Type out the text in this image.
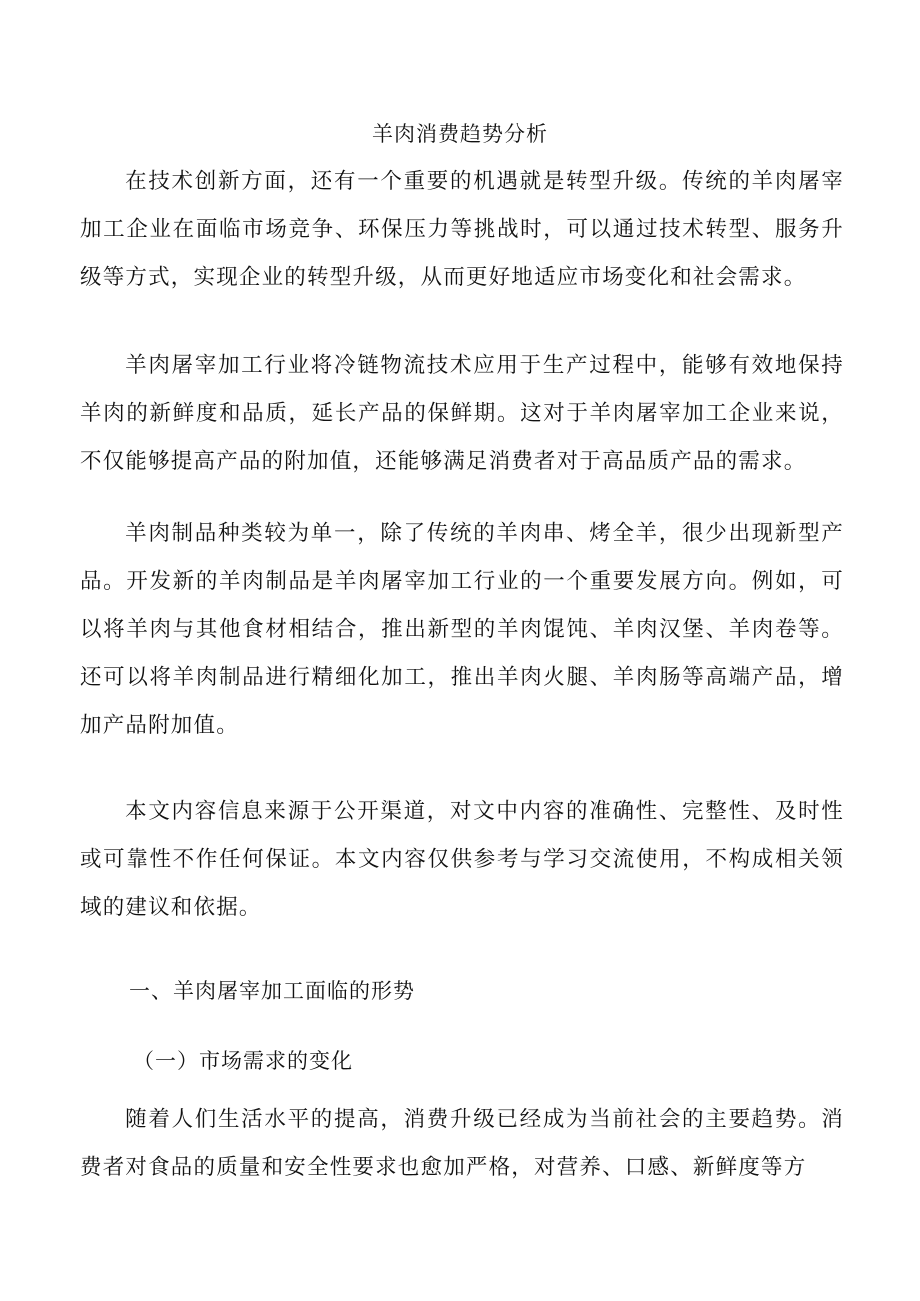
羊肉消费趋势分析

在技术创新方面，还有一个重要的机遇就是转型升级。传统的羊肉屠宰加工企业在面临市场竞争、环保压力等挑战时，可以通过技术转型、服务升级等方式，实现企业的转型升级，从而更好地适应市场变化和社会需求。

羊肉屠宰加工行业将冷链物流技术应用于生产过程中，能够有效地保持羊肉的新鲜度和品质，延长产品的保鲜期。这对于羊肉屠宰加工企业来说，不仅能够提高产品的附加值，还能够满足消费者对于高品质产品的需求。

羊肉制品种类较为单一，除了传统的羊肉串、烤全羊，很少出现新型产品。开发新的羊肉制品是羊肉屠宰加工行业的一个重要发展方向。例如，可以将羊肉与其他食材相结合，推出新型的羊肉馄饨、羊肉汉堡、羊肉卷等。还可以将羊肉制品进行精细化加工，推出羊肉火腿、羊肉肠等高端产品，增加产品附加值。

本文内容信息来源于公开渠道，对文中内容的准确性、完整性、及时性或可靠性不作任何保证。本文内容仅供参考与学习交流使用，不构成相关领域的建议和依据。

一、羊肉屠宰加工面临的形势
（一）市场需求的变化

随着人们生活水平的提高，消费升级已经成为当前社会的主要趋势。消费者对食品的质量和安全性要求也愈加严格，对营养、口感、新鲜度等方
